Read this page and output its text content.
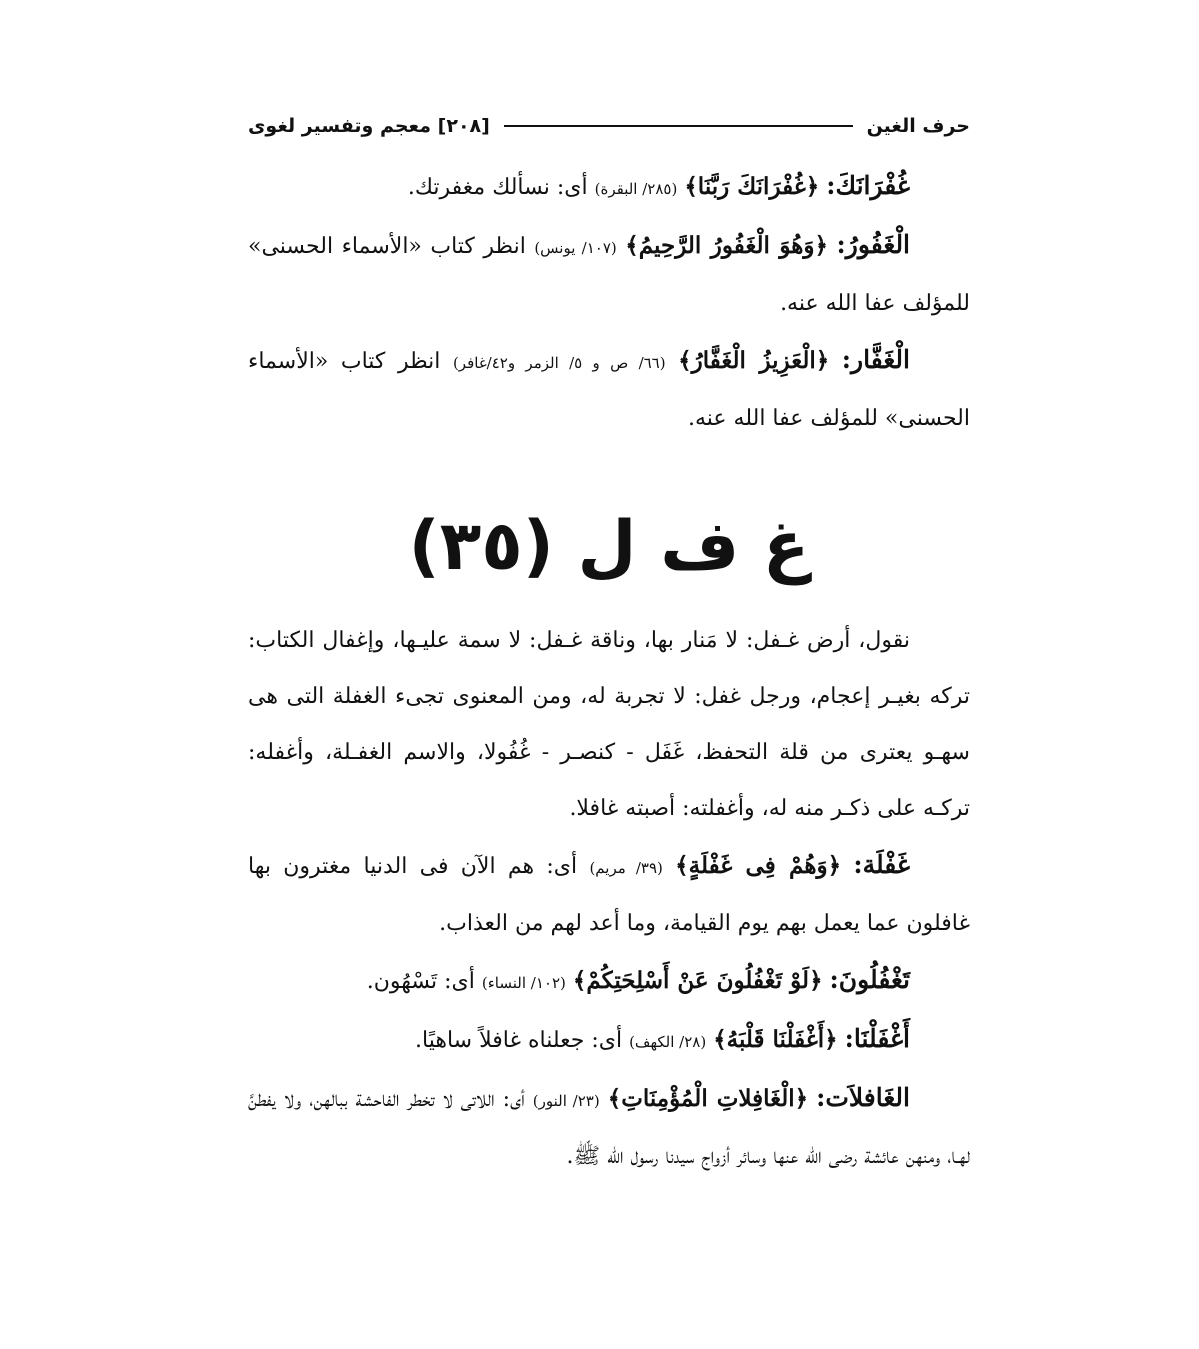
حرف الغين
[٢٠٨] معجم وتفسير لغوى

غُفْرَانَكَ: ﴿غُفْرَانَكَ رَبَّنَا﴾ (٢٨٥/ البقرة) أى: نسألك مغفرتك.

الْغَفُورُ: ﴿وَهُوَ الْغَفُورُ الرَّحِيمُ﴾ (١٠٧/ يونس) انظر كتاب «الأسماء الحسنى» للمؤلف عفا الله عنه.

الْغَفَّار: ﴿الْعَزِيزُ الْغَفَّارُ﴾ (٦٦/ ص و ٥/ الزمر و٤٢/غافر) انظر كتاب «الأسماء الحسنى» للمؤلف عفا الله عنه.

غ ف ل (٣٥)

نقول، أرض غـفل: لا مَنار بها، وناقة غـفل: لا سمة عليـها، وإغفال الكتاب: تركه بغيـر إعجام، ورجل غفل: لا تجربة له، ومن المعنوى تجىء الغفلة التى هى سهـو يعترى من قلة التحفظ، غَفَل - كنصـر - غُفُولا، والاسم الغفـلة، وأغفله: تركـه على ذكـر منه له، وأغفلته: أصبته غافلا.

غَفْلَة: ﴿وَهُمْ فِى غَفْلَةٍ﴾ (٣٩/ مريم) أى: هم الآن فى الدنيا مغترون بها غافلون عما يعمل بهم يوم القيامة، وما أعد لهم من العذاب.

تَغْفُلُونَ: ﴿لَوْ تَغْفُلُونَ عَنْ أَسْلِحَتِكُمْ﴾ (١٠٢/ النساء) أى: تَسْهُون.

أَغْفَلْنَا: ﴿أَغْفَلْنَا قَلْبَهُ﴾ (٢٨/ الكهف) أى: جعلناه غافلاً ساهيًا.

الغَافلاَت: ﴿الْغَافِلاتِ الْمُؤْمِنَاتِ﴾ (٢٣/ النور) أى: اللاتى لا تخطر الفاحشة ببالهن، ولا يفطنَّ لهـا، ومنهن عائشة رضى الله عنها وسائر أزواج سيدنا رسول الله ﷺ.
